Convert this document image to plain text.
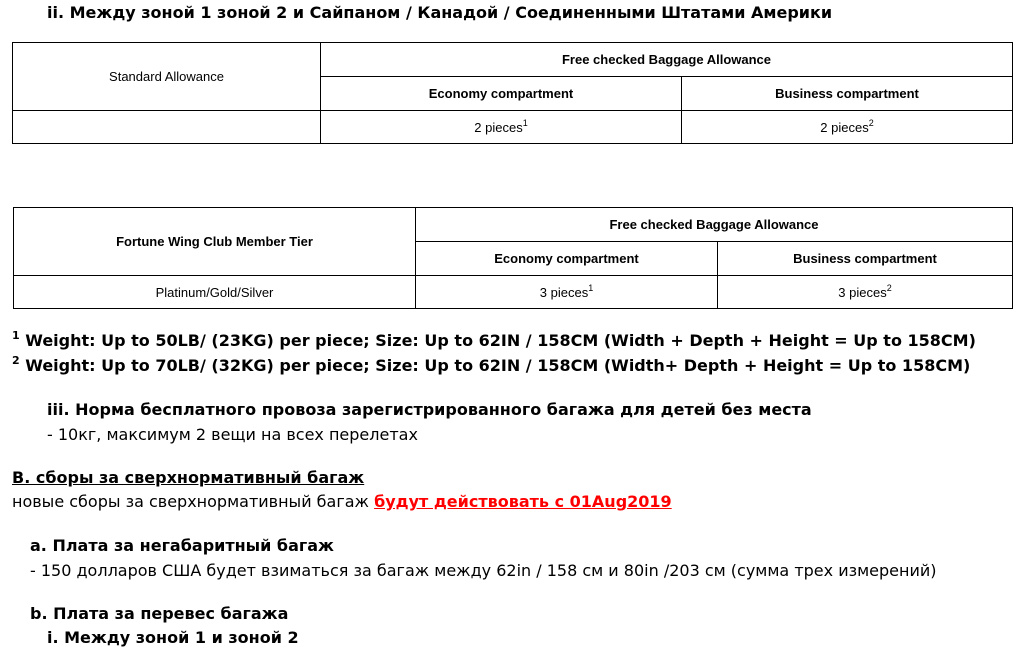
ii. Между зоной 1 зоной 2 и Сайпаном / Канадой / Соединенными Штатами Америки
Standard Allowance	Free checked Baggage Allowance	
	Economy compartment	Business compartment
	2 pieces$^1$	2 pieces$^2$
Fortune Wing Club Member Tier	Free checked Baggage Allowance	
	Economy compartment	Business compartment
Platinum/Gold/Silver	3 pieces$^1$	3 pieces$^2$
$^1$ Weight: Up to 50LB/ (23KG) per piece; Size: Up to 62IN / 158CM (Width + Depth + Height = Up to 158CM)
$^2$ Weight: Up to 70LB/ (32KG) per piece; Size: Up to 62IN / 158CM (Width+ Depth + Height = Up to 158CM)
iii. Норма бесплатного провоза зарегистрированного багажа для детей без места
- 10кг, максимум 2 вещи на всех перелетах
B. сборы за сверхнормативный багаж
новые сборы за сверхнормативный багаж будут действовать с 01Aug2019
a. Плата за негабаритный багаж
- 150 долларов США будет взиматься за багаж между 62in / 158 см и 80in /203 см (сумма трех измерений)
b. Плата за перевес багажа
i. Между зоной 1 и зоной 2
